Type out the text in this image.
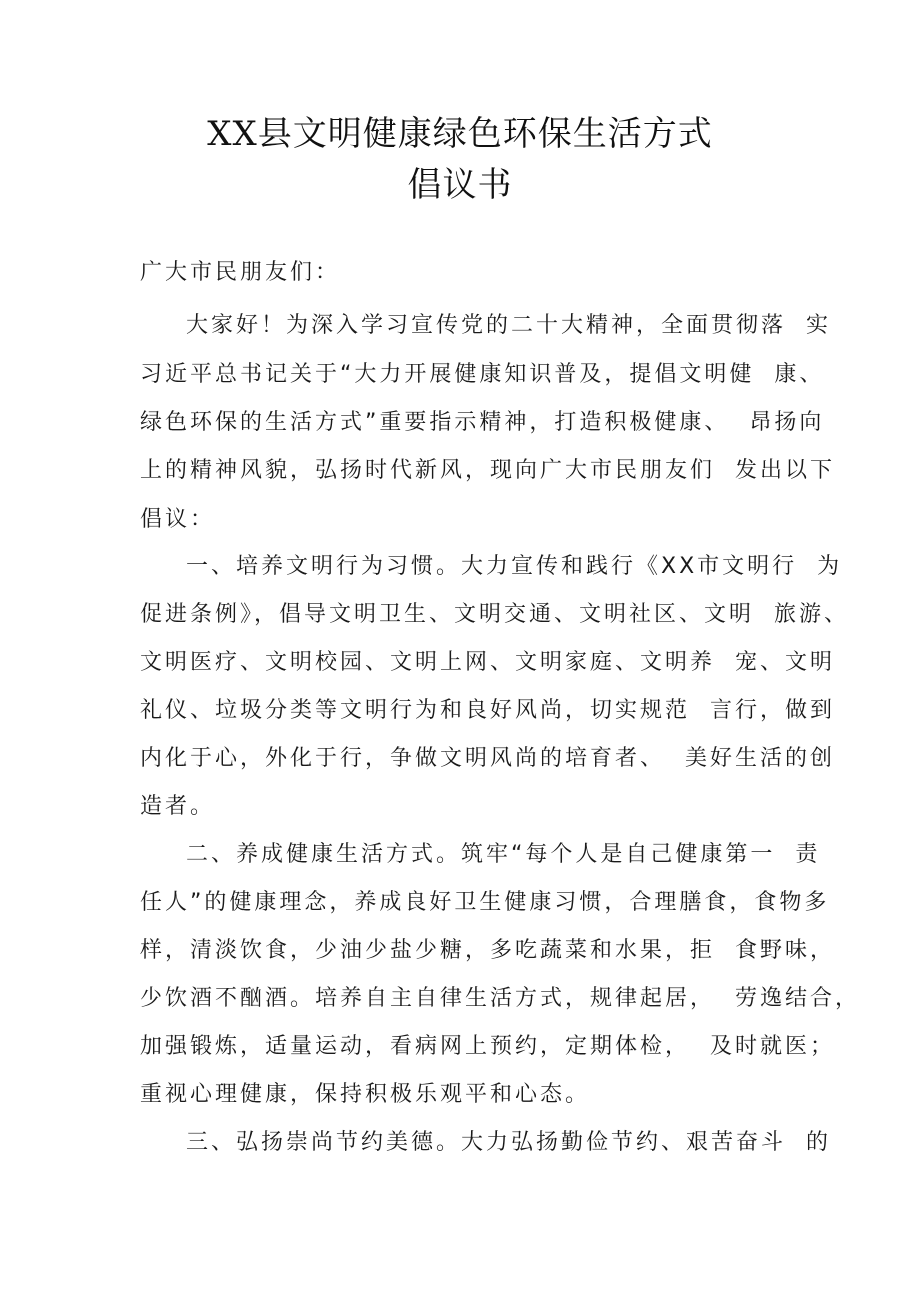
XX县文明健康绿色环保生活方式
倡议书
广大市民朋友们：
大家好！为深入学习宣传党的二十大精神，全面贯彻落  实
习近平总书记关于“大力开展健康知识普及，提倡文明健  康、
绿色环保的生活方式”重要指示精神，打造积极健康、  昂扬向
上的精神风貌，弘扬时代新风，现向广大市民朋友们  发出以下
倡议：
一、培养文明行为习惯。大力宣传和践行《XX市文明行  为
促进条例》，倡导文明卫生、文明交通、文明社区、文明  旅游、
文明医疗、文明校园、文明上网、文明家庭、文明养  宠、文明
礼仪、垃圾分类等文明行为和良好风尚，切实规范  言行，做到
内化于心，外化于行，争做文明风尚的培育者、  美好生活的创
造者。
二、养成健康生活方式。筑牢“每个人是自己健康第一  责
任人”的健康理念，养成良好卫生健康习惯，合理膳食，食物多
样，清淡饮食，少油少盐少糖，多吃蔬菜和水果，拒  食野味，
少饮酒不酗酒。培养自主自律生活方式，规律起居，  劳逸结合，
加强锻炼，适量运动，看病网上预约，定期体检，  及时就医；
重视心理健康，保持积极乐观平和心态。
三、弘扬崇尚节约美德。大力弘扬勤俭节约、艰苦奋斗  的
